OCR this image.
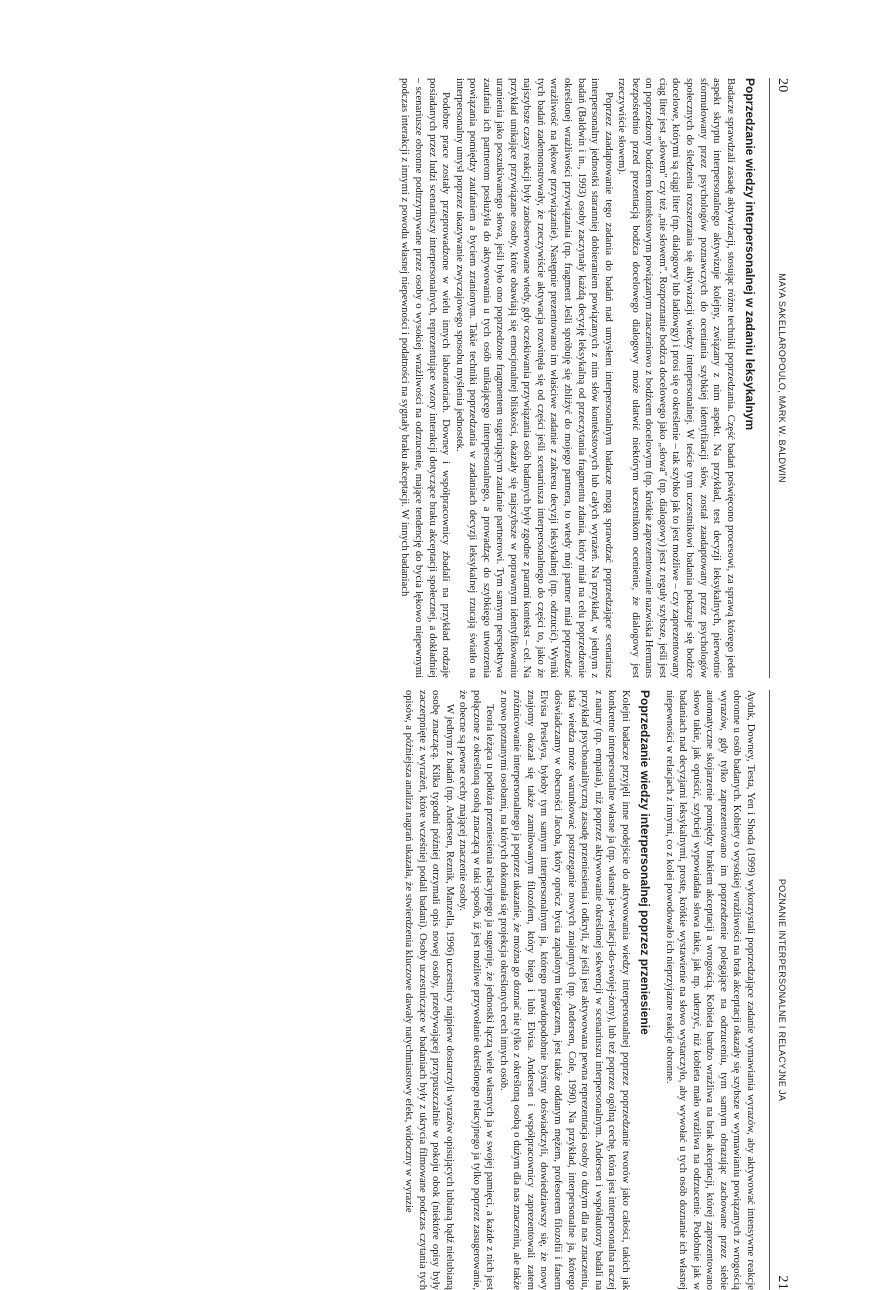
20
MAYA SAKELLAROPOULO, MARK W. BALDWIN
Poprzedzanie wiedzy interpersonalnej w zadaniu leksykalnym

Badacze sprawdzali zasadę aktywizacji, stosując różne techniki poprzedzania. Część badań poświęcono procesowi, za sprawą którego jeden aspekt skryptu interpersonalnego aktywizuje kolejny, związany z nim aspekt. Na przykład, test decyzji leksykalnych, pierwotnie sformułowany przez psychologów poznawczych do oceniania szybkiej identyfikacji słów, został zaadaptowany przez psychologów społecznych do śledzenia rozszerzania się aktywizacji wiedzy interpersonalnej. W teście tym uczestnikowi badania pokazuje się bodźce docelowe, którymi są ciągi liter (np. dialogowy lub ladiowgy) i prosi się o określenie – tak szybko jak to jest możliwe – czy zaprezentowany ciąg liter jest „słowem" czy też „nie słowem". Rozpoznanie bodźca docelowego jako „słowa" (np. dialogowy) jest z reguły szybsze, jeśli jest on poprzedzony bodźcem kontekstowym powiązanym znaczeniowo z bodźcem docelowym (np. krótkie zaprezentowanie nazwiska Hermans bezpośrednio przed prezentacją bodźca docelowego dialogowy może ułatwić niektórym uczestnikom ocenienie, że dialogowy jest rzeczywiście słowem).

Poprzez zaadaptowanie tego zadania do badań nad umysłem interpersonalnym badacze mogą sprawdzać poprzedzające scenariusz interpersonalny jednostki staranniej dobieraniem powiązanych z nim słów kontekstowych lub całych wyrażeń. Na przykład, w jednym z badań (Baldwin i in., 1993) osoby zaczynały każdą decyzję leksykalną od przeczytania fragmentu zdania, który miał na celu poprzedzenie określonej wrażliwości przywiązania (np. fragment Jeśli spróbuję się zbliżyć do mojego partnera, to wtedy mój partner miał poprzedzać wrażliwość na lękowe przywiązanie). Następnie prezentowano im właściwe zadanie z zakresu decyzji leksykalnej (np. odrzucić). Wyniki tych badań zademonstrowały, że rzeczywiście aktywacja rozwinęła się od części jeśli scenariusza interpersonalnego do części to, jako że najszybsze czasy reakcji były zaobserwowane wtedy, gdy oczekiwania przywiązania osób badanych były zgodne z parami kontekst – cel. Na przykład unikające przywiązane osoby, które obawiają się emocjonalnej bliskości, okazały się najszybsze w poprawnym identyfikowaniu uranienia jako poszukiwanego słowa, jeśli było ono poprzedzone fragmentem sugerującym zaufanie partnerowi. Tym samym perspektywa zaufania ich partnerom posłużyła do aktywowania u tych osób unikającego interpersonalnego, a prowadząc do szybkiego utworzenia powiązania pomiędzy zaufaniem a byciem zranionym. Takie techniki poprzedzania w zadaniach decyzji leksykalnej rzucają światło na interpersonalny umysł poprzez ukazywanie zwyczajowego sposobu myślenia jednostek.

Podobne prace zostały przeprowadzone w wielu innych laboratoriach. Downey i współpracownicy zbadali na przykład rodzaje posiadanych przez ludzi scenariuszy interpersonalnych, reprezentujące wzory interakcji dotyczące braku akceptacji społecznej, a dokładniej – scenariusze obronne podtrzymywane przez osoby o wysokiej wrażliwości na odrzucenie, mające tendencję do bycia lękowo niepewnymi podczas interakcji z innymi z powodu własnej niepewności i podatności na sygnały braku akceptacji. W innych badaniach

POZNANIE INTERPERSONALNE I RELACYJNE JA
21

Ayduk, Downey, Testa, Yen i Shoda (1999) wykorzystali poprzedzające zadanie wymawiania wyrazów, aby aktywować intensywne reakcje obronne u osób badanych. Kobiety o wysokiej wrażliwości na brak akceptacji okazały się szybsze w wymawianiu powiązanych z wrogością wyrazów, gdy tylko zaprezentowano im poprzedzenie polegające na odrzuceniu, tym samym obrazując zachowane przez siebie automatyczne skojarzenie pomiędzy brakiem akceptacji a wrogością. Kobieta bardzo wrażliwa na brak akceptacji, której zaprezentowano słowo takie, jak opuścić, szybciej wypowiadała słowa takie, jak np. uderzyć, niż kobieta mało wrażliwa na odrzucenie. Podobnie jak w badaniach nad decyzjami leksykalnymi, proste, krótkie wystawienie na słowo wystarczyło, aby wywołać u tych osób doznanie ich własnej niepewności w relacjach z innymi, co z kolei powodowało ich nieprzyjazne reakcje obronne.

Poprzedzanie wiedzy interpersonalnej poprzez przeniesienie

Kolejni badacze przyjęli inne podejście do aktywowania wiedzy interpersonalnej poprzez poprzedzanie tworów jako całości, takich jak konkretne interpersonalne własne ja (np. własne ja-w-relacji-do-swojej-żony), lub też poprzez ogólną cechę, która jest interpersonalna raczej z natury (np. empatia), niż poprzez aktywowanie określonej sekwencji w scenariuszu interpersonalnym. Andersen i współautorzy badali na przykład psychoanalityczną zasadę przeniesienia i odkryli, że jeśli jest aktywowana pewna reprezentacja osoby o dużym dla nas znaczeniu, taka wiedza może warunkować postrzeganie nowych znajomych (np. Andersen, Cole, 1990). Na przykład, interpersonalne ja, którego doświadczamy w obecności Jacoba, który oprócz bycia zapalonym biegaczem, jest także oddanym mężem, profesorem filozofii i fanem Elvisa Presleya, byłoby tym samym interpersonalnym ja, którego prawdopodobnie byśmy doświadczyli, dowiedziawszy się, że nowy znajomy okazał się także zamiłowanym filozofem, który biega i lubi Elvisa. Andersen i współpracownicy zaprezentowali zatem zróżnicowanie interpersonalnego ja poprzez ukazanie, że można go doznać nie tylko z określoną osobą o dużym dla nas znaczeniu, ale także z nowo poznanymi osobami, na których dokonała się projekcja określonych cech innych osób.

Teoria leżąca u podłoża przeniesienia relacyjnego ja sugeruje, że jednostki łączą wiele własnych ja w swojej pamięci, a każde z nich jest połączone z określoną osobą znaczącą w taki sposób, iż jest możliwe przywołanie określonego relacyjnego ja tylko poprzez zasugerowanie, że obecne są pewne cechy mającej znaczenie osoby.

W jednym z badań (np. Andersen, Reznik, Manzella, 1996) uczestnicy najpierw dostarczyli wyrazów opisujących lubianą bądź nielubianą osobę znaczącą. Kilka tygodni później otrzymali opis nowej osoby, przebywającej przypuszczalnie w pokoju obok (niektóre opisy były zaczerpnięte z wyrażeń, które wcześniej podali badani). Osoby uczestniczące w badaniach były z ukrycia filmowane podczas czytania tych opisów, a późniejsza analiza nagrań ukazała, że stwierdzenia kluczowe dawały natychmiastowy efekt, widoczny w wyrazie
